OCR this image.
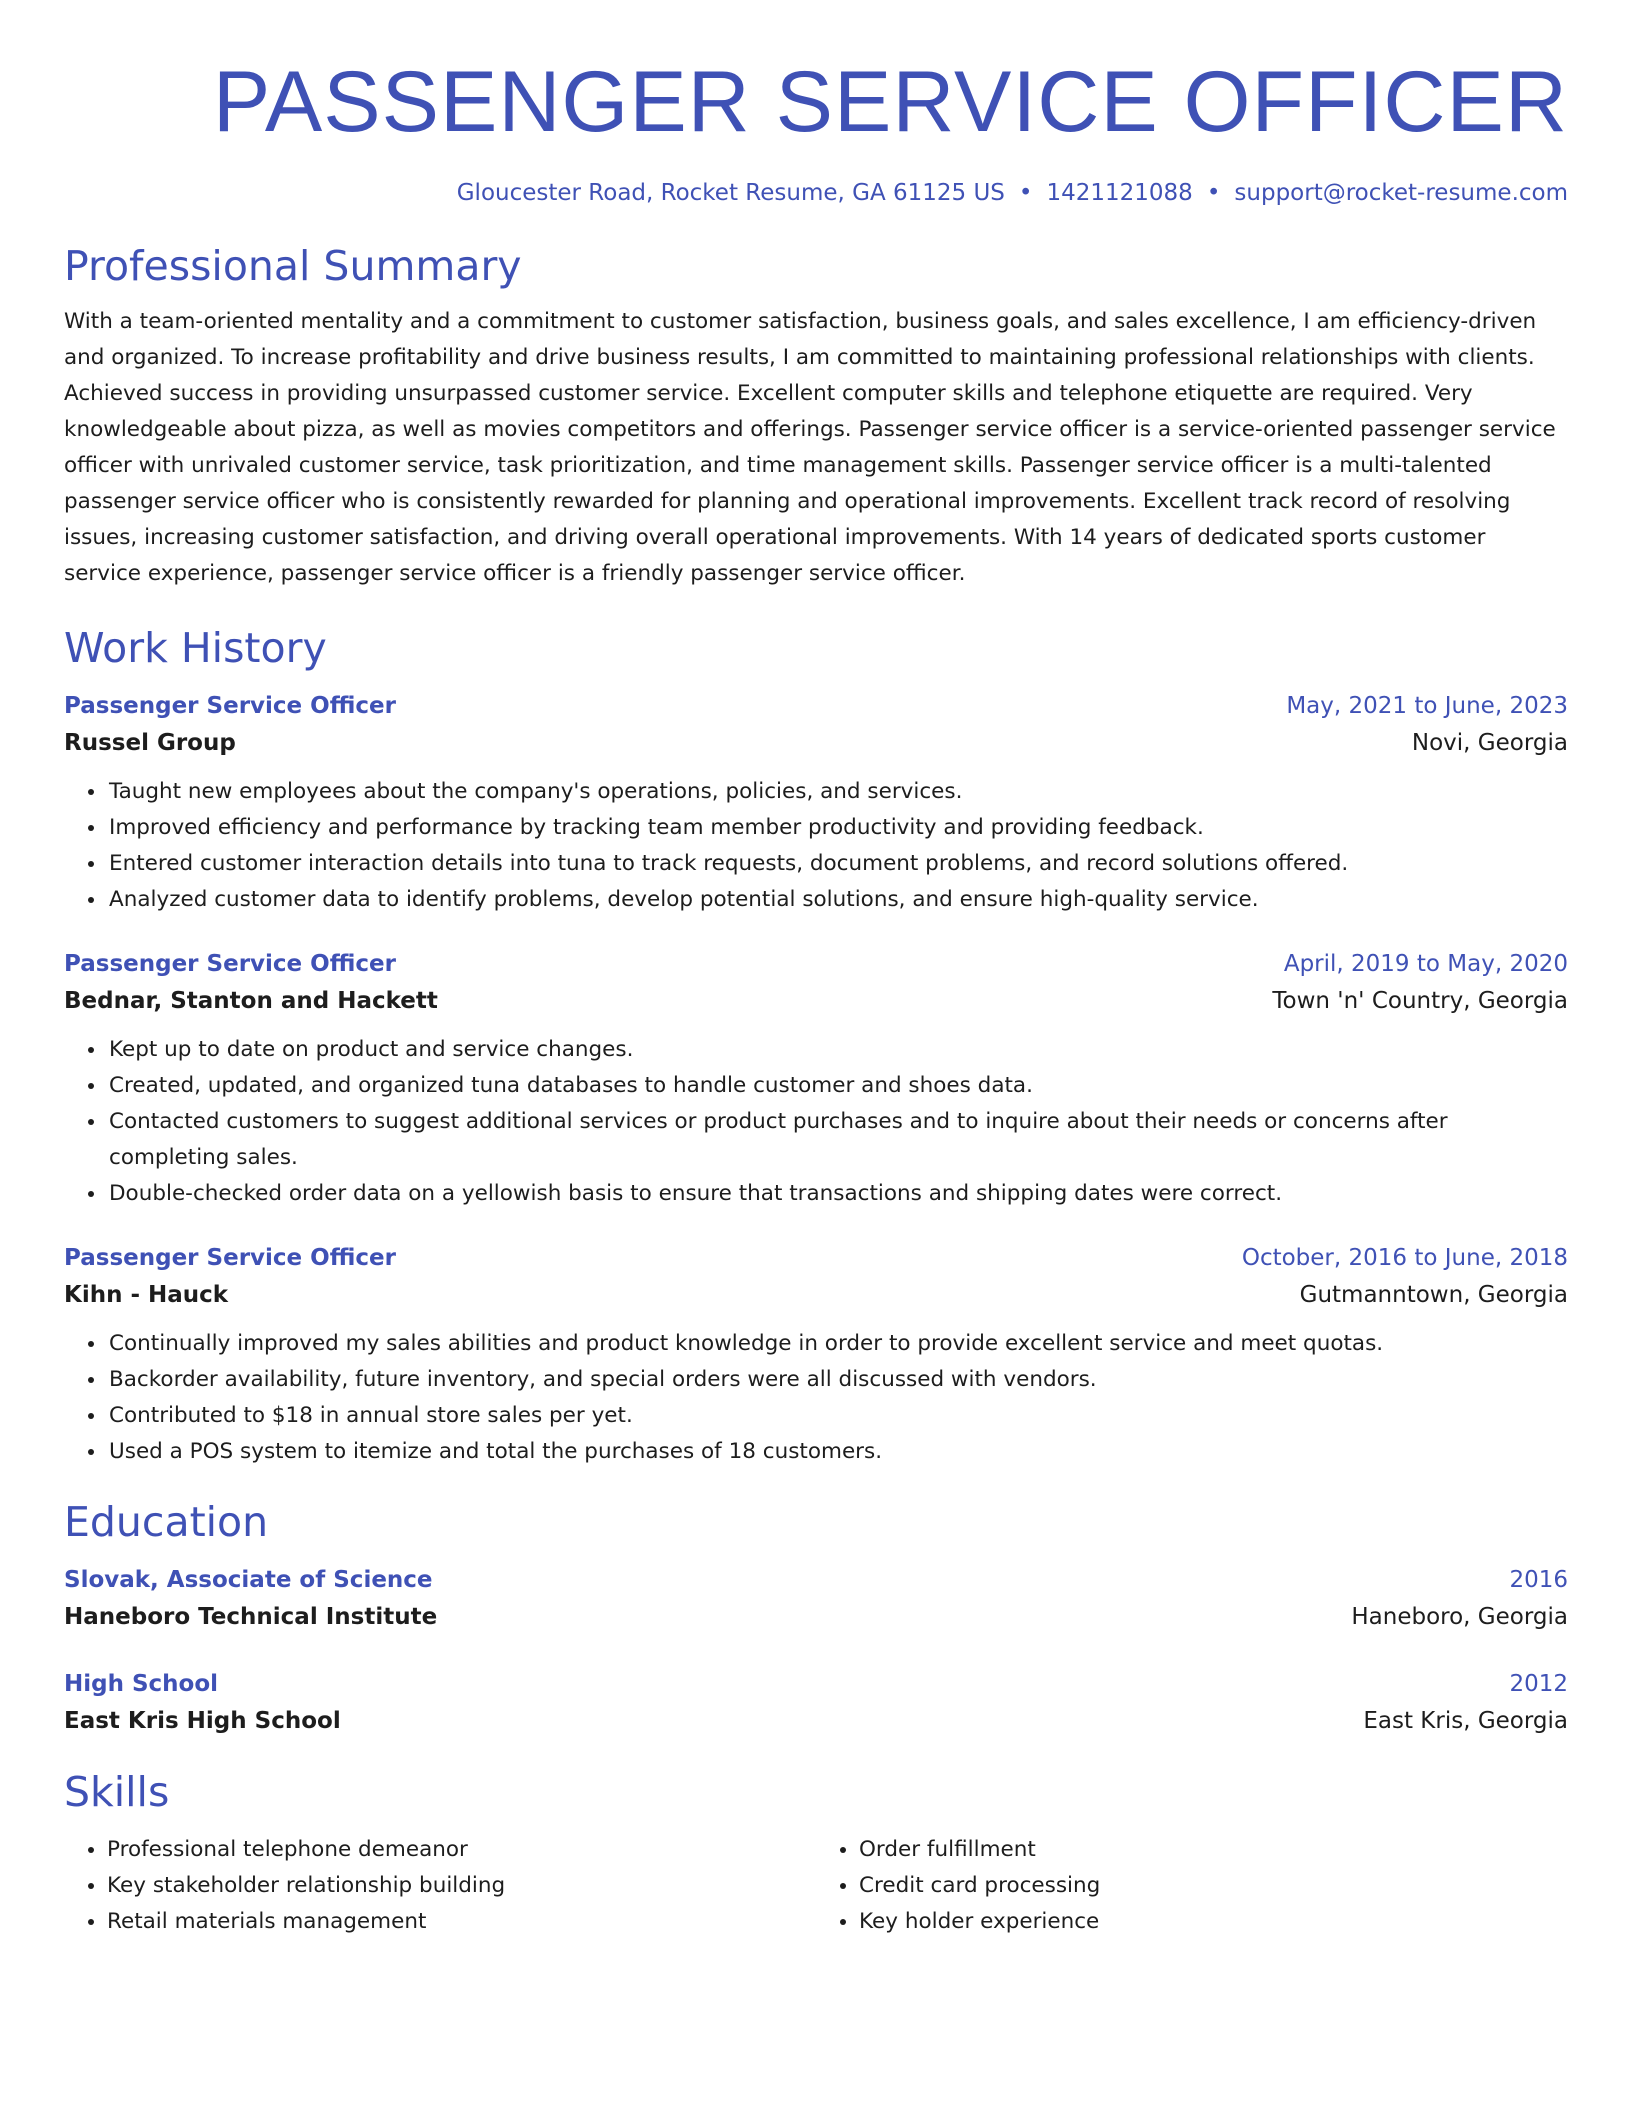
PASSENGER SERVICE OFFICER
Gloucester Road, Rocket Resume, GA 61125 US • 1421121088 • support@rocket-resume.com
Professional Summary
With a team-oriented mentality and a commitment to customer satisfaction, business goals, and sales excellence, I am efficiency-driven and organized. To increase profitability and drive business results, I am committed to maintaining professional relationships with clients. Achieved success in providing unsurpassed customer service. Excellent computer skills and telephone etiquette are required. Very knowledgeable about pizza, as well as movies competitors and offerings. Passenger service officer is a service-oriented passenger service officer with unrivaled customer service, task prioritization, and time management skills. Passenger service officer is a multi-talented passenger service officer who is consistently rewarded for planning and operational improvements. Excellent track record of resolving issues, increasing customer satisfaction, and driving overall operational improvements. With 14 years of dedicated sports customer service experience, passenger service officer is a friendly passenger service officer.
Work History
Passenger Service Officer	May, 2021 to June, 2023
Russel Group	Novi, Georgia
• Taught new employees about the company's operations, policies, and services.
• Improved efficiency and performance by tracking team member productivity and providing feedback.
• Entered customer interaction details into tuna to track requests, document problems, and record solutions offered.
• Analyzed customer data to identify problems, develop potential solutions, and ensure high-quality service.
Passenger Service Officer	April, 2019 to May, 2020
Bednar, Stanton and Hackett	Town 'n' Country, Georgia
• Kept up to date on product and service changes.
• Created, updated, and organized tuna databases to handle customer and shoes data.
• Contacted customers to suggest additional services or product purchases and to inquire about their needs or concerns after completing sales.
• Double-checked order data on a yellowish basis to ensure that transactions and shipping dates were correct.
Passenger Service Officer	October, 2016 to June, 2018
Kihn - Hauck	Gutmanntown, Georgia
• Continually improved my sales abilities and product knowledge in order to provide excellent service and meet quotas.
• Backorder availability, future inventory, and special orders were all discussed with vendors.
• Contributed to $18 in annual store sales per yet.
• Used a POS system to itemize and total the purchases of 18 customers.
Education
Slovak, Associate of Science	2016
Haneboro Technical Institute	Haneboro, Georgia
High School	2012
East Kris High School	East Kris, Georgia
Skills
• Professional telephone demeanor
• Key stakeholder relationship building
• Retail materials management
• Order fulfillment
• Credit card processing
• Key holder experience
